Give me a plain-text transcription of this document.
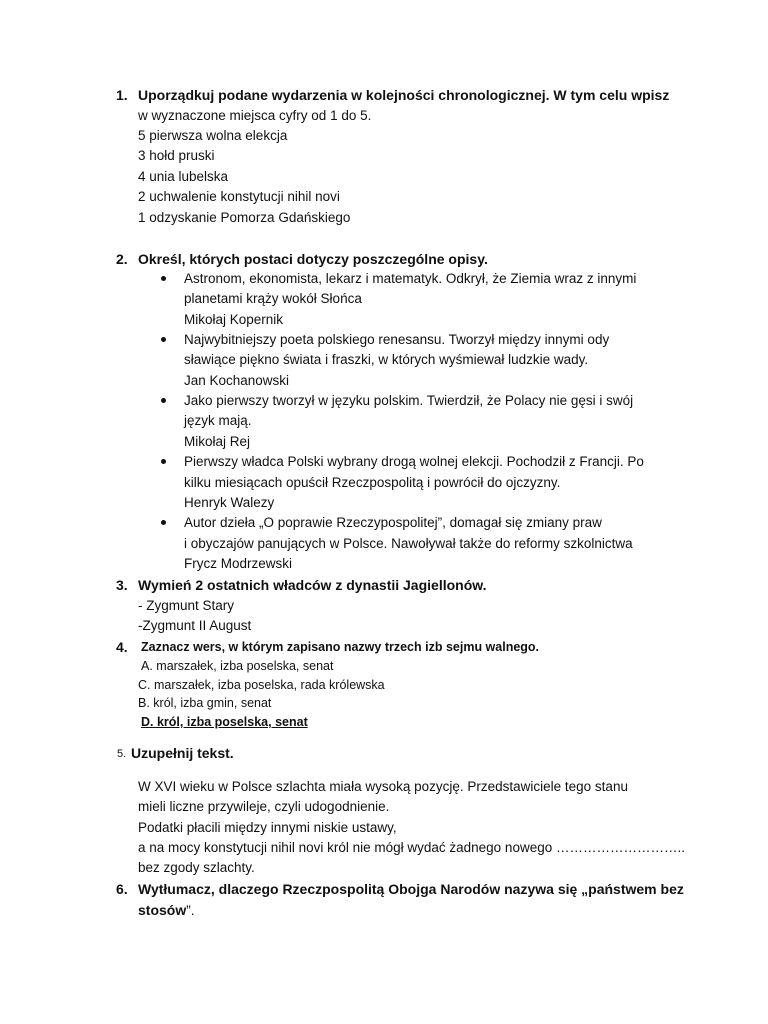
1. Uporządkuj podane wydarzenia w kolejności chronologicznej. W tym celu wpisz
w wyznaczone miejsca cyfry od 1 do 5.
5 pierwsza wolna elekcja
3 hołd pruski
4 unia lubelska
2 uchwalenie konstytucji nihil novi
1 odzyskanie Pomorza Gdańskiego
2. Określ, których postaci dotyczy poszczególne opisy.
Astronom, ekonomista, lekarz i matematyk. Odkrył, że Ziemia wraz z innymi
planetami krąży wokół Słońca
Mikołaj Kopernik
Najwybitniejszy poeta polskiego renesansu. Tworzył między innymi ody
sławiące piękno świata i fraszki, w których wyśmiewał ludzkie wady.
Jan Kochanowski
Jako pierwszy tworzył w języku polskim. Twierdził, że Polacy nie gęsi i swój
język mają.
Mikołaj Rej
Pierwszy władca Polski wybrany drogą wolnej elekcji. Pochodził z Francji. Po
kilku miesiącach opuścił Rzeczpospolitą i powrócił do ojczyzny.
Henryk Walezy
Autor dzieła „O poprawie Rzeczypospolitej”, domagał się zmiany praw
i obyczajów panujących w Polsce. Nawoływał także do reformy szkolnictwa
Frycz Modrzewski
3. Wymień 2 ostatnich władców z dynastii Jagiellonów.
- Zygmunt Stary
-Zygmunt II August
4. Zaznacz wers, w którym zapisano nazwy trzech izb sejmu walnego.
A. marszałek, izba poselska, senat
C. marszałek, izba poselska, rada królewska
B. król, izba gmin, senat
D. król, izba poselska, senat
5. Uzupełnij tekst.
W XVI wieku w Polsce szlachta miała wysoką pozycję. Przedstawiciele tego stanu
mieli liczne przywileje, czyli udogodnienie.
Podatki płacili między innymi niskie ustawy,
a na mocy konstytucji nihil novi król nie mógł wydać żadnego nowego ………………………..
bez zgody szlachty.
6. Wytłumacz, dlaczego Rzeczpospolitą Obojga Narodów nazywa się „państwem bez
stosów”.
